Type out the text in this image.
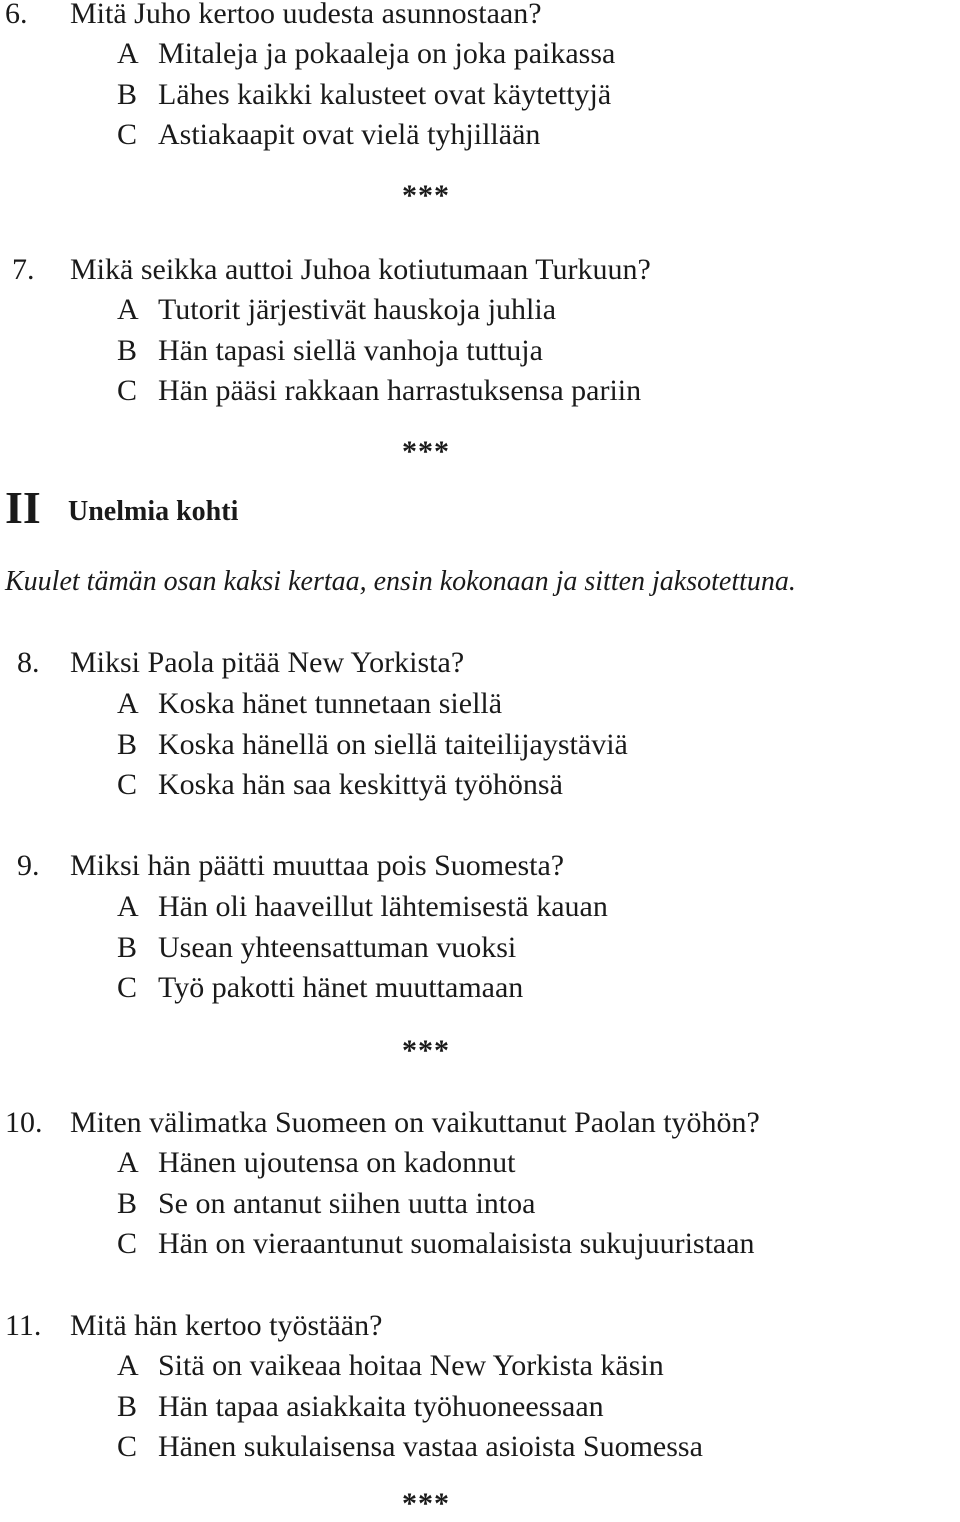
6. Mitä Juho kertoo uudesta asunnostaan?
A Mitaleja ja pokaaleja on joka paikassa
B Lähes kaikki kalusteet ovat käytettyjä
C Astiakaapit ovat vielä tyhjillään
***
7. Mikä seikka auttoi Juhoa kotiutumaan Turkuun?
A Tutorit järjestivät hauskoja juhlia
B Hän tapasi siellä vanhoja tuttuja
C Hän pääsi rakkaan harrastuksensa pariin
***
II Unelmia kohti
Kuulet tämän osan kaksi kertaa, ensin kokonaan ja sitten jaksotettuna.
8. Miksi Paola pitää New Yorkista?
A Koska hänet tunnetaan siellä
B Koska hänellä on siellä taiteilijaystäviä
C Koska hän saa keskittyä työhönsä
9. Miksi hän päätti muuttaa pois Suomesta?
A Hän oli haaveillut lähtemisestä kauan
B Usean yhteensattuman vuoksi
C Työ pakotti hänet muuttamaan
***
10. Miten välimatka Suomeen on vaikuttanut Paolan työhön?
A Hänen ujoutensa on kadonnut
B Se on antanut siihen uutta intoa
C Hän on vieraantunut suomalaisista sukujuuristaan
11. Mitä hän kertoo työstään?
A Sitä on vaikeaa hoitaa New Yorkista käsin
B Hän tapaa asiakkaita työhuoneessaan
C Hänen sukulaisensa vastaa asioista Suomessa
***
